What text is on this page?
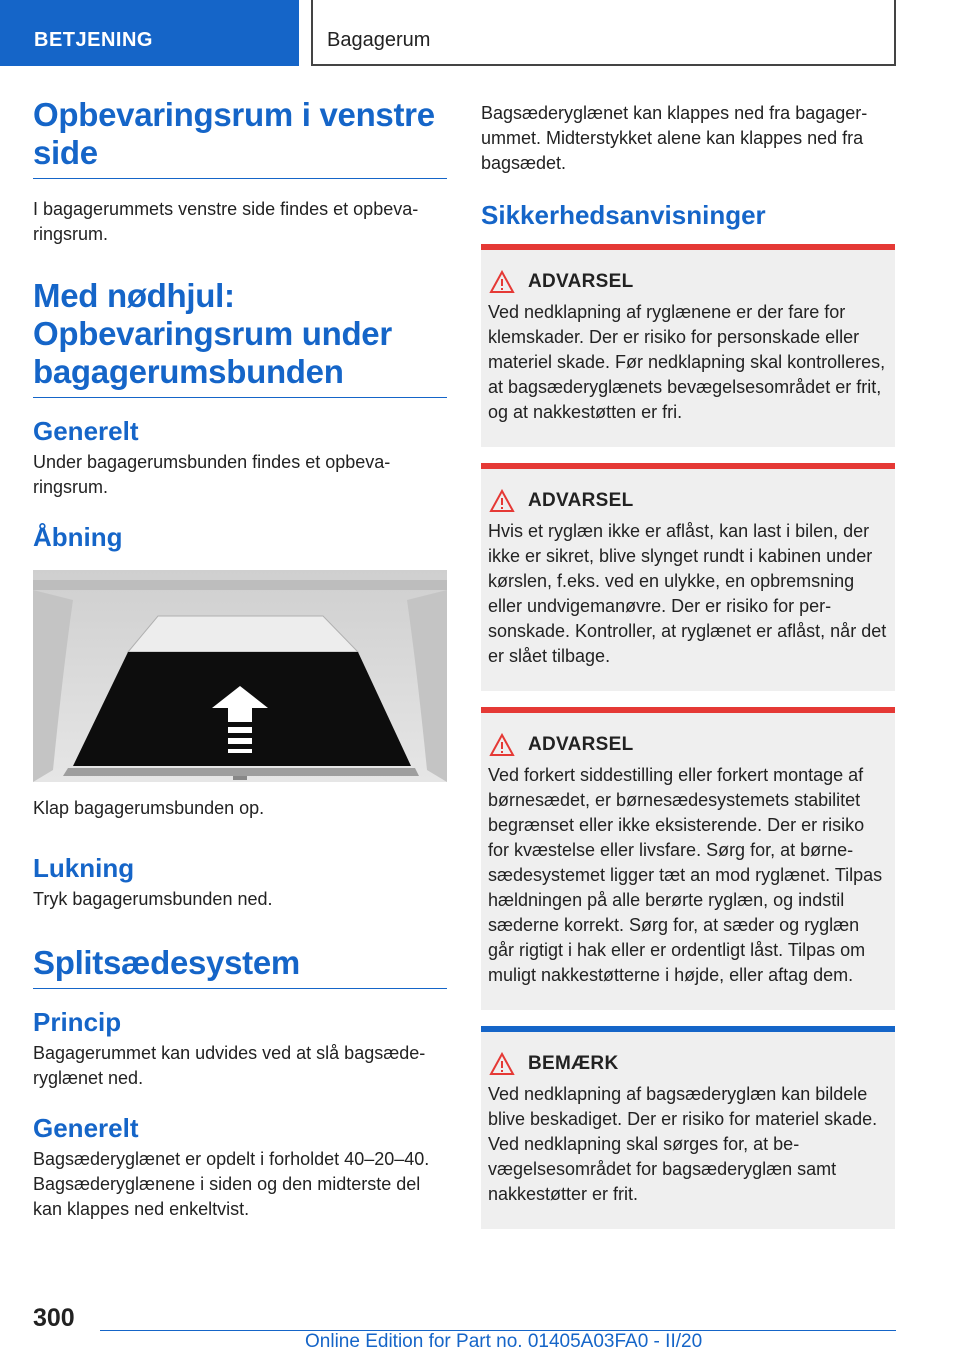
BETJENING	Bagagerum
Opbevaringsrum i venstre side

I bagagerummets venstre side findes et opbevaringsrum.

Med nødhjul: Opbevaringsrum under bagagerumsbunden
Generelt

Under bagagerumsbunden findes et opbevaringsrum.

Åbning

Klap bagagerumsbunden op.

Lukning

Tryk bagagerumsbunden ned.

Splitsædesystem
Princip

Bagagerummet kan udvides ved at slå bagsæderyglænet ned.

Generelt

Bagsæderyglænet er opdelt i forholdet 40–20–40. Bagsæderyglænene i siden og den midterste del kan klappes ned enkeltvist.

Bagsæderyglænet kan klappes ned fra bagagerummet. Midterstykket alene kan klappes ned fra bagsædet.

Sikkerhedsanvisninger
ADVARSEL

Ved nedklapning af ryglænene er der fare for klemskader. Der er risiko for personskade eller materiel skade. Før nedklapning skal kontrolleres, at bagsæderyglænets bevægelsesområdet er frit, og at nakkestøtten er fri.

ADVARSEL

Hvis et ryglæn ikke er aflåst, kan last i bilen, der ikke er sikret, blive slynget rundt i kabinen under kørslen, f.eks. ved en ulykke, en opbremsning eller undvigemanøvre. Der er risiko for personskade. Kontroller, at ryglænet er aflåst, når det er slået tilbage.

ADVARSEL

Ved forkert siddestilling eller forkert montage af børnesædet, er børnesædesystemets stabilitet begrænset eller ikke eksisterende. Der er risiko for kvæstelse eller livsfare. Sørg for, at børnesædesystemet ligger tæt an mod ryglænet. Tilpas hældningen på alle berørte ryglæn, og indstil sæderne korrekt. Sørg for, at sæder og ryglæn går rigtigt i hak eller er ordentligt låst. Tilpas om muligt nakkestøtterne i højde, eller aftag dem.

BEMÆRK

Ved nedklapning af bagsæderyglæn kan bildele blive beskadiget. Der er risiko for materiel skade. Ved nedklapning skal sørges for, at bevægelsesområdet for bagsæderyglæn samt nakkestøtter er frit.

300
Online Edition for Part no. 01405A03FA0 - II/20
